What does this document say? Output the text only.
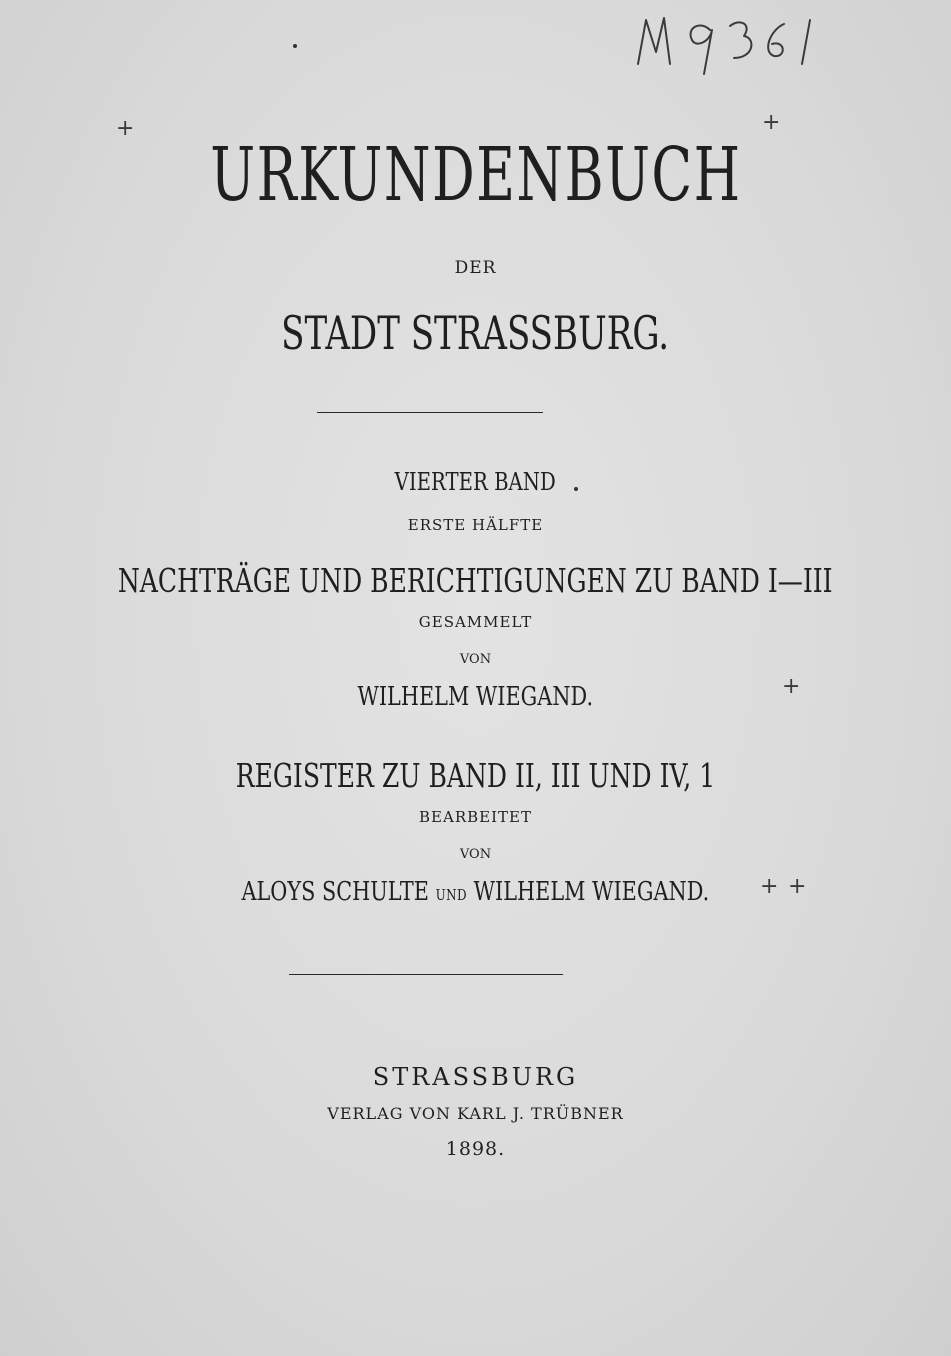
+	+
+
+ +
URKUNDENBUCH
DER
STADT STRASSBURG.
VIERTER BAND
ERSTE HÄLFTE
NACHTRÄGE UND BERICHTIGUNGEN ZU BAND I—III
GESAMMELT
VON
WILHELM WIEGAND.
REGISTER ZU BAND II, III UND IV, 1
BEARBEITET
VON
ALOYS SCHULTE UND WILHELM WIEGAND.
STRASSBURG
VERLAG VON KARL J. TRÜBNER
1898.
